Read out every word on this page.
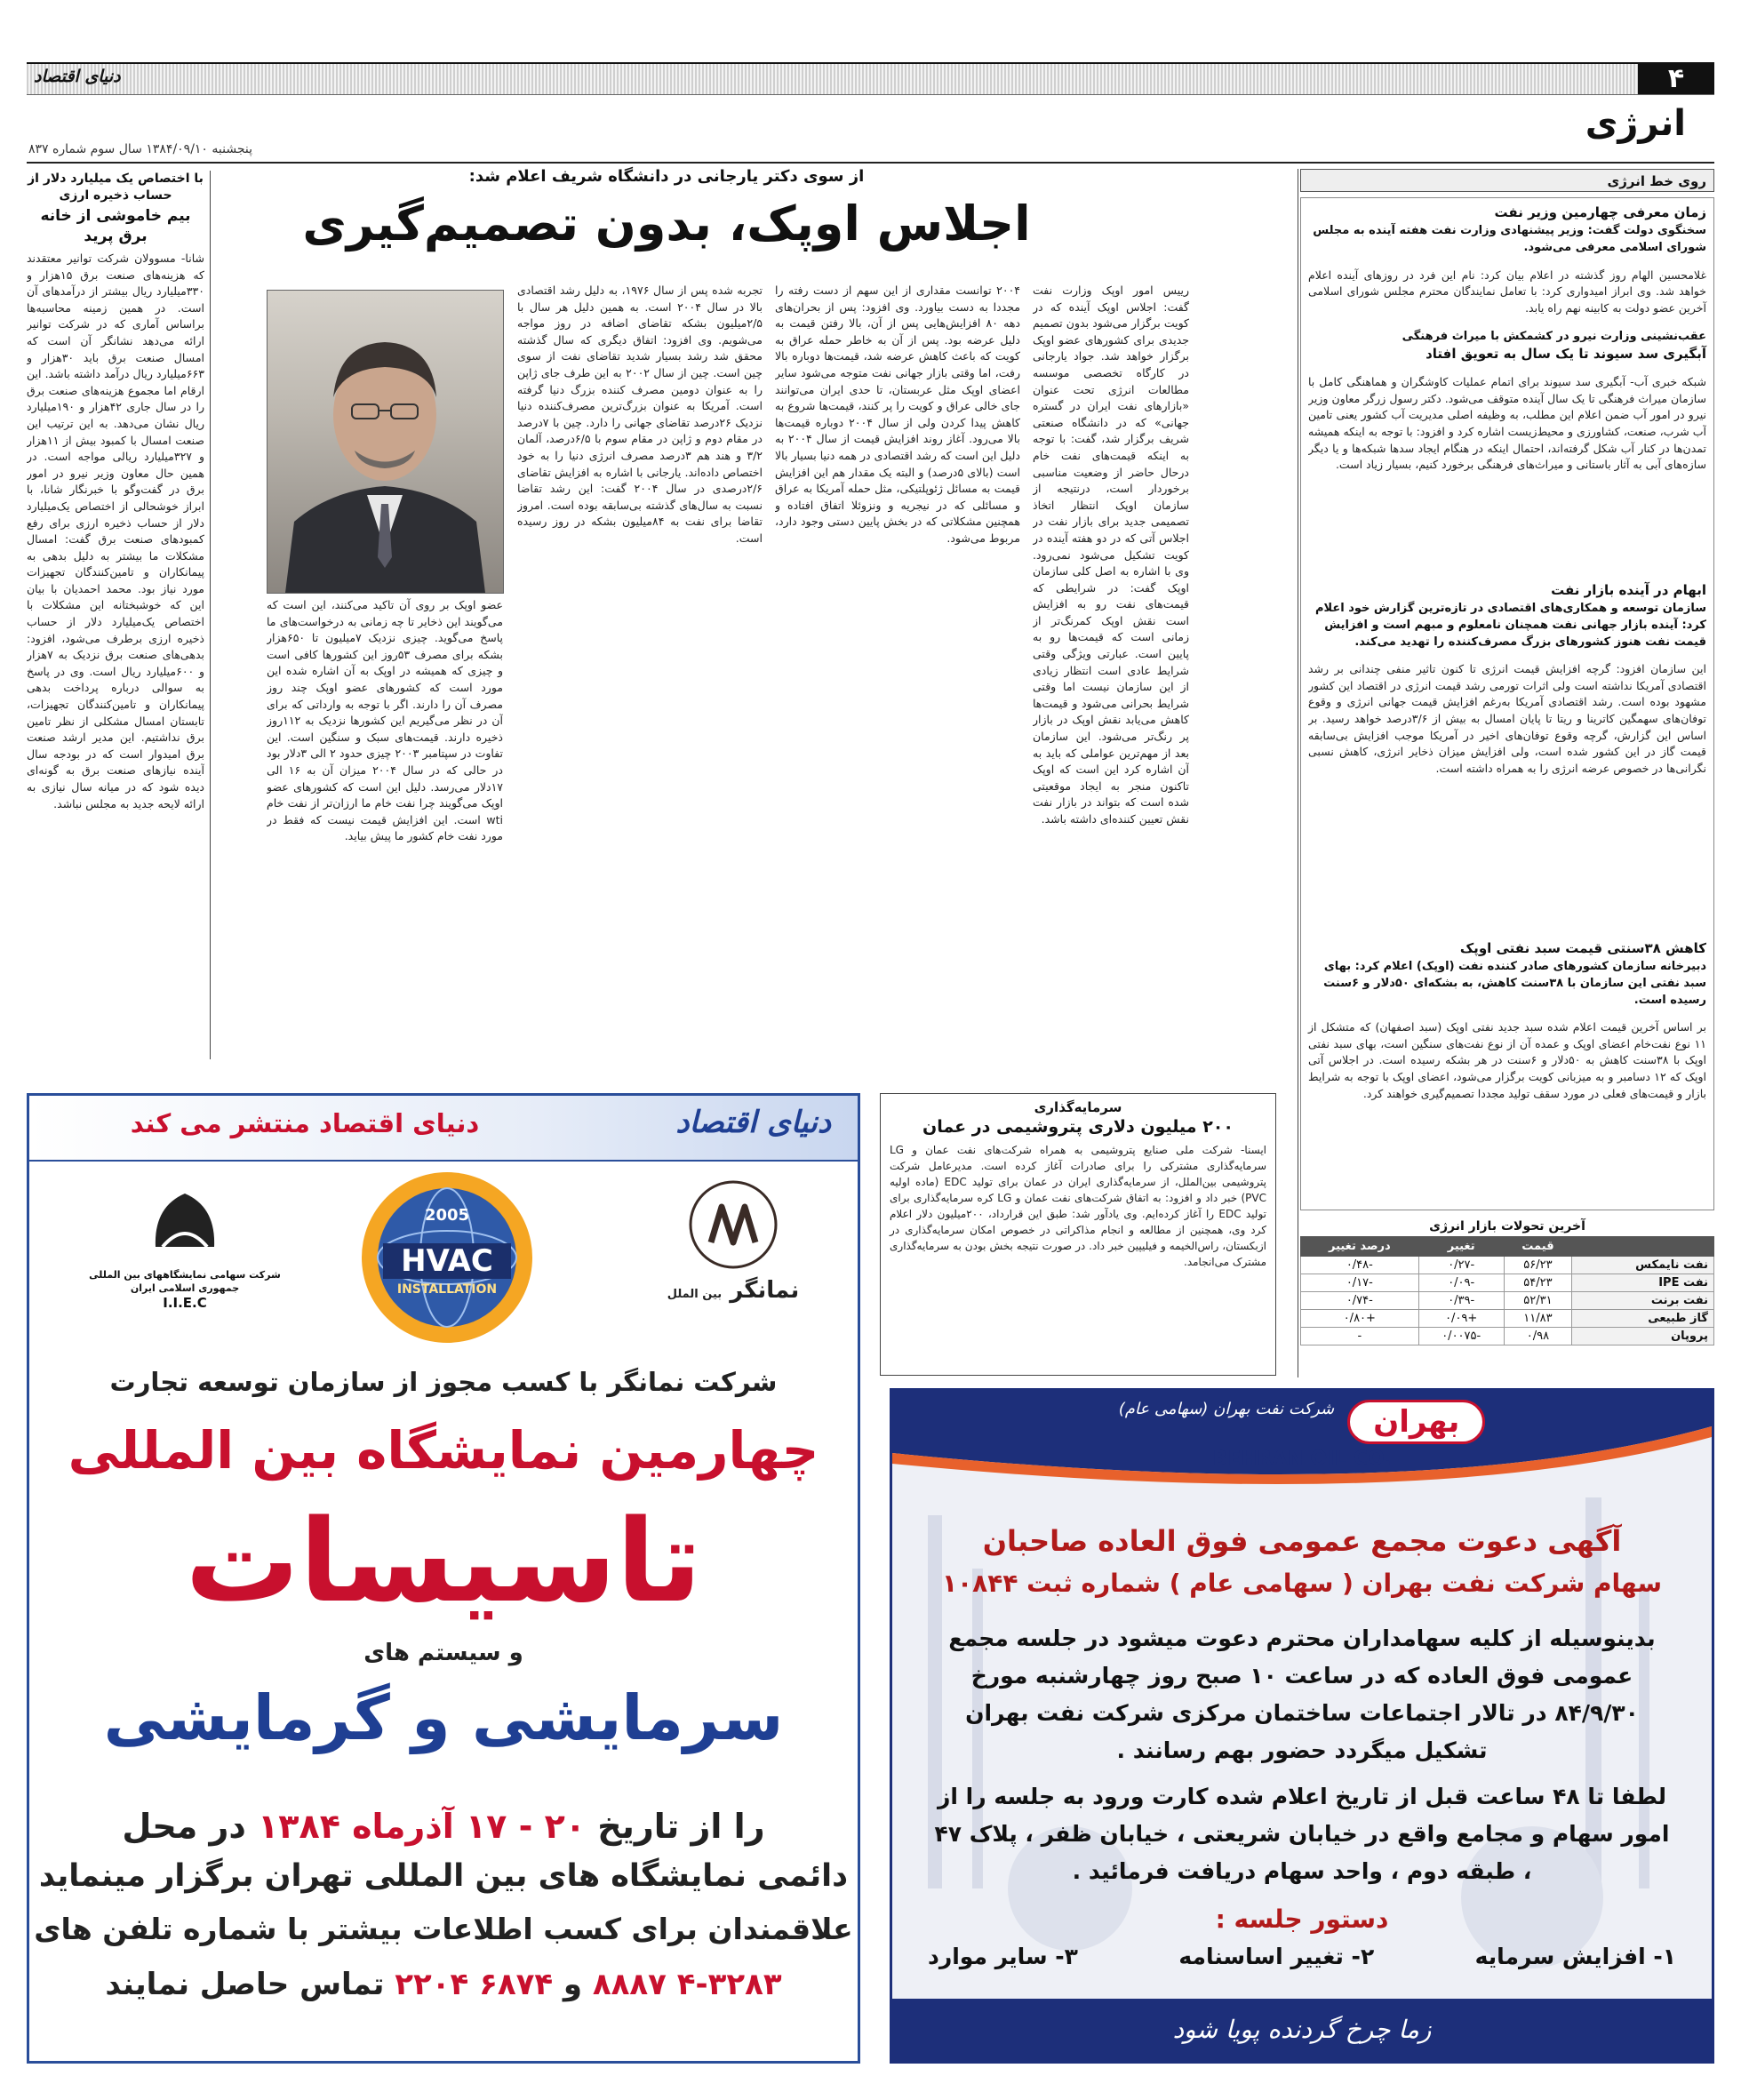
۴
دنیای اقتصاد
انرژی
پنجشنبه ۱۳۸۴/۰۹/۱۰ سال سوم شماره ۸۳۷
با اختصاص یک میلیارد دلار از حساب ذخیره ارزی
بیم خاموشی از خانه برق پرید
شانا- مسوولان شرکت توانیر معتقدند که هزینه‌های صنعت برق ۱۵هزار و ۳۳۰میلیارد ریال بیشتر از درآمدهای آن است. در همین زمینه محاسبه‌ها براساس آماری که در شرکت توانیر ارائه می‌دهد نشانگر آن است که امسال صنعت برق باید ۳۰هزار و ۶۶۳میلیارد ریال درآمد داشته باشد. این ارقام اما مجموع هزینه‌های صنعت برق را در سال جاری ۴۲هزار و ۱۹۰میلیارد ریال نشان می‌دهد. به این ترتیب این صنعت امسال با کمبود بیش از ۱۱هزار و ۳۲۷میلیارد ریالی مواجه است. در همین حال معاون وزیر نیرو در امور برق در گفت‌وگو با خبرنگار شانا، با ابراز خوشحالی از اختصاص یک‌میلیارد دلار از حساب ذخیره ارزی برای رفع کمبودهای صنعت برق گفت: امسال مشکلات ما بیشتر به دلیل بدهی به پیمانکاران و تامین‌کنندگان تجهیزات مورد نیاز بود. محمد احمدیان با بیان این که خوشبختانه این مشکلات با اختصاص یک‌میلیارد دلار از حساب ذخیره ارزی برطرف می‌شود، افزود: بدهی‌های صنعت برق نزدیک به ۷هزار و ۶۰۰میلیارد ریال است. وی در پاسخ به سوالی درباره پرداخت بدهی پیمانکاران و تامین‌کنندگان تجهیزات، تابستان امسال مشکلی از نظر تامین برق نداشتیم. این مدیر ارشد صنعت برق امیدوار است که در بودجه سال آینده نیازهای صنعت برق به گونه‌ای دیده شود که در میانه سال نیازی به ارائه لایحه جدید به مجلس نباشد.
از سوی دکتر یارجانی در دانشگاه شریف اعلام شد:
اجلاس اوپک، بدون تصمیم‌گیری
رییس امور اوپک وزارت نفت گفت: اجلاس اوپک آینده که در کویت برگزار می‌شود بدون تصمیم جدیدی برای کشورهای عضو اوپک برگزار خواهد شد. جواد یارجانی در کارگاه تخصصی موسسه مطالعات انرژی تحت عنوان «بازارهای نفت ایران در گستره جهانی» که در دانشگاه صنعتی شریف برگزار شد، گفت: با توجه به اینکه قیمت‌های نفت خام درحال حاضر از وضعیت مناسبی برخوردار است، درنتیجه از سازمان اوپک انتظار اتخاذ تصمیمی جدید برای بازار نفت در اجلاس آتی که در دو هفته آینده در کویت تشکیل می‌شود نمی‌رود. وی با اشاره به اصل کلی سازمان اوپک گفت: در شرایطی که قیمت‌های نفت رو به افزایش است نقش اوپک کمرنگ‌تر از زمانی است که قیمت‌ها رو به پایین است. عبارتی ویژگی وقتی شرایط عادی است انتظار زیادی از این سازمان نیست اما وقتی شرایط بحرانی می‌شود و قیمت‌ها کاهش می‌یابد نقش اوپک در بازار پر رنگ‌تر می‌شود. این سازمان بعد از مهم‌ترین عواملی که باید به آن اشاره کرد این است که اوپک تاکنون منجر به ایجاد موقعیتی شده است که بتواند در بازار نفت نقش تعیین کننده‌ای داشته باشد.
۲۰۰۴ توانست مقداری از این سهم از دست رفته را مجددا به دست بیاورد. وی افزود: پس از بحران‌های دهه ۸۰ افزایش‌هایی پس از آن، بالا رفتن قیمت به دلیل عرضه بود. پس از آن به خاطر حمله عراق به کویت که باعث کاهش عرضه شد، قیمت‌ها دوباره بالا رفت، اما وقتی بازار جهانی نفت متوجه می‌شود سایر اعضای اوپک مثل عربستان، تا حدی ایران می‌توانند جای خالی عراق و کویت را پر کنند، قیمت‌ها شروع به کاهش پیدا کردن ولی از سال ۲۰۰۴ دوباره قیمت‌ها بالا می‌رود. آغاز روند افزایش قیمت از سال ۲۰۰۴ به دلیل این است که رشد اقتصادی در همه دنیا بسیار بالا است (بالای ۵درصد) و البته یک مقدار هم این افزایش قیمت به مسائل ژئوپلتیکی، مثل حمله آمریکا به عراق و مسائلی که در نیجریه و ونزوئلا اتفاق افتاده و همچنین مشکلاتی که در بخش پایین دستی وجود دارد، مربوط می‌شود.
تجربه شده پس از سال ۱۹۷۶، به دلیل رشد اقتصادی بالا در سال ۲۰۰۴ است. به همین دلیل هر سال با ۲/۵میلیون بشکه تقاضای اضافه در روز مواجه می‌شویم. وی افزود: اتفاق دیگری که سال گذشته محقق شد رشد بسیار شدید تقاضای نفت از سوی چین است. چین از سال ۲۰۰۲ به این طرف جای ژاپن را به عنوان دومین مصرف کننده بزرگ دنیا گرفته است. آمریکا به عنوان بزرگ‌ترین مصرف‌کننده دنیا نزدیک ۲۶درصد تقاضای جهانی را دارد. چین با ۷درصد در مقام دوم و ژاپن در مقام سوم با ۶/۵درصد، آلمان ۳/۲ و هند هم ۳درصد مصرف انرژی دنیا را به خود اختصاص داده‌اند. یارجانی با اشاره به افزایش تقاضای ۲/۶درصدی در سال ۲۰۰۴ گفت: این رشد تقاضا نسبت به سال‌های گذشته بی‌سابقه بوده است. امروز تقاضا برای نفت به ۸۴میلیون بشکه در روز رسیده است.
عضو اوپک بر روی آن تاکید می‌کنند، این است که می‌گویند این ذخایر تا چه زمانی به درخواست‌های ما پاسخ می‌گوید. چیزی نزدیک ۷میلیون تا ۶۵۰هزار بشکه برای مصرف ۵۳روز این کشورها کافی است و چیزی که همیشه در اوپک به آن اشاره شده این مورد است که کشورهای عضو اوپک چند روز مصرف آن را دارند. اگر با توجه به وارداتی که برای آن در نظر می‌گیریم این کشورها نزدیک به ۱۱۲روز ذخیره دارند. قیمت‌های سبک و سنگین است. این تفاوت در سپتامبر ۲۰۰۳ چیزی حدود ۲ الی ۳دلار بود در حالی که در سال ۲۰۰۴ میزان آن به ۱۶ الی ۱۷دلار می‌رسد. دلیل این است که کشورهای عضو اوپک می‌گویند چرا نفت خام ما ارزان‌تر از نفت خام wti است. این افزایش قیمت نیست که فقط در مورد نفت خام کشور ما پیش بیاید.
روی خط انرژی

زمان معرفی چهارمین وزیر نفت

سخنگوی دولت گفت: وزیر پیشنهادی وزارت نفت هفته آینده به مجلس شورای اسلامی معرفی می‌شود.

غلامحسین الهام روز گذشته در اعلام بیان کرد: نام این فرد در روزهای آینده اعلام خواهد شد. وی ابراز امیدواری کرد: با تعامل نمایندگان محترم مجلس شورای اسلامی آخرین عضو دولت به کابینه نهم راه یابد.

عقب‌نشینی وزارت نیرو در کشمکش با میراث فرهنگی

آبگیری سد سیوند تا یک سال به تعویق افتاد

شبکه خبری آب- آبگیری سد سیوند برای اتمام عملیات کاوشگران و هماهنگی کامل با سازمان میراث فرهنگی تا یک سال آینده متوقف می‌شود. دکتر رسول زرگر معاون وزیر نیرو در امور آب ضمن اعلام این مطلب، به وظیفه اصلی مدیریت آب کشور یعنی تامین آب شرب، صنعت، کشاورزی و محیط‌زیست اشاره کرد و افزود: با توجه به اینکه همیشه تمدن‌ها در کنار آب شکل گرفته‌اند، احتمال اینکه در هنگام ایجاد سدها شبکه‌ها و یا دیگر سازه‌های آبی به آثار باستانی و میراث‌های فرهنگی برخورد کنیم، بسیار زیاد است.

ابهام در آینده بازار نفت

سازمان توسعه و همکاری‌های اقتصادی در تازه‌ترین گزارش خود اعلام کرد: آینده بازار جهانی نفت همچنان نامعلوم و مبهم است و افزایش قیمت نفت هنوز کشورهای بزرگ مصرف‌کننده را تهدید می‌کند.

این سازمان افزود: گرچه افزایش قیمت انرژی تا کنون تاثیر منفی چندانی بر رشد اقتصادی آمریکا نداشته است ولی اثرات تورمی رشد قیمت انرژی در اقتصاد این کشور مشهود بوده است. رشد اقتصادی آمریکا به‌رغم افزایش قیمت جهانی انرژی و وقوع توفان‌های سهمگین کاترینا و ریتا تا پایان امسال به بیش از ۳/۶درصد خواهد رسید. بر اساس این گزارش، گرچه وقوع توفان‌های اخیر در آمریکا موجب افزایش بی‌سابقه قیمت گاز در این کشور شده است، ولی افزایش میزان ذخایر انرژی، کاهش نسبی نگرانی‌ها در خصوص عرضه انرژی را به همراه داشته است.

کاهش ۳۸سنتی قیمت سبد نفتی اوپک

دبیرخانه سازمان کشورهای صادر کننده نفت (اوپک) اعلام کرد: بهای سبد نفتی این سازمان با ۳۸سنت کاهش، به بشکه‌ای ۵۰دلار و ۶سنت رسیده است.

بر اساس آخرین قیمت اعلام شده سبد جدید نفتی اوپک (سبد اصفهان) که متشکل از ۱۱ نوع نفت‌خام اعضای اوپک و عمده آن از نوع نفت‌های سنگین است، بهای سبد نفتی اوپک با ۳۸سنت کاهش به ۵۰دلار و ۶سنت در هر بشکه رسیده است. در اجلاس آتی اوپک که ۱۲ دسامبر و به میزبانی کویت برگزار می‌شود، اعضای اوپک با توجه به شرایط بازار و قیمت‌های فعلی در مورد سقف تولید مجددا تصمیم‌گیری خواهند کرد.

آخرین تحولات بازار انرژی
	قیمت	تغییر	درصد تغییر
نفت نایمکس	۵۶/۲۳	-۰/۲۷	-۰/۴۸
نفت IPE	۵۴/۲۳	-۰/۰۹	-۰/۱۷
نفت برنت	۵۲/۳۱	-۰/۳۹	-۰/۷۴
گاز طبیعی	۱۱/۸۳	+۰/۰۹	+۰/۸۰
پروپان	۰/۹۸	-۰/۰۰۷۵	-
سرمایه‌گذاری
۲۰۰ میلیون دلاری پتروشیمی در عمان
ایسنا- شرکت ملی صنایع پتروشیمی به همراه شرکت‌های نفت عمان و LG سرمایه‌گذاری مشترکی را برای صادرات آغاز کرده است. مدیرعامل شرکت پتروشیمی بین‌الملل، از سرمایه‌گذاری ایران در عمان برای تولید EDC (ماده اولیه PVC) خبر داد و افزود: به اتفاق شرکت‌های نفت عمان و LG کره سرمایه‌گذاری برای تولید EDC را آغاز کرده‌ایم. وی یادآور شد: طبق این قرارداد، ۲۰۰میلیون دلار اعلام کرد وی، همچنین از مطالعه و انجام مذاکراتی در خصوص امکان سرمایه‌گذاری در ازبکستان، راس‌الخیمه و فیلیپین خبر داد. در صورت نتیجه بخش بودن به سرمایه‌گذاری مشترک می‌انجامد.
دنیای اقتصاد منتشر می کند	دنیای اقتصاد
نمانگر بین الملل
2005
HVAC
INSTALLATION
شرکت سهامی نمایشگاههای بین المللی جمهوری اسلامی ایران
I.I.E.C
شرکت نمانگر با کسب مجوز از سازمان توسعه تجارت
چهارمین نمایشگاه بین المللی
تاسیسات
و سیستم های
سرمایشی و گرمایشی
را از تاریخ ۲۰ - ۱۷ آذرماه ۱۳۸۴ در محل
دائمی نمایشگاه های بین المللی تهران برگزار مینماید
علاقمندان برای کسب اطلاعات بیشتر با شماره تلفن های
۴-۳۲۸۳ ۸۸۸۷ و ۶۸۷۴ ۲۲۰۴ تماس حاصل نمایند
بهران شرکت نفت بهران (سهامی عام)
BEHRAN OIL CO.
آگهی دعوت مجمع عمومی فوق العاده صاحبان
سهام شرکت نفت بهران ( سهامی عام ) شماره ثبت ۱۰۸۴۴
بدینوسیله از کلیه سهامداران محترم دعوت میشود در جلسه مجمع عمومی فوق العاده که در ساعت ۱۰ صبح روز چهارشنبه مورخ ۸۴/۹/۳۰ در تالار اجتماعات ساختمان مرکزی شرکت نفت بهران تشکیل میگردد حضور بهم رسانند .
لطفا تا ۴۸ ساعت قبل از تاریخ اعلام شده کارت ورود به جلسه را از امور سهام و مجامع واقع در خیابان شریعتی ، خیابان ظفر ، پلاک ۴۷ ، طبقه دوم ، واحد سهام دریافت فرمائید .
دستور جلسه :
۱- افزایش سرمایه
۲- تغییر اساسنامه
۳- سایر موارد
زما چرخ گردنده پویا شود
